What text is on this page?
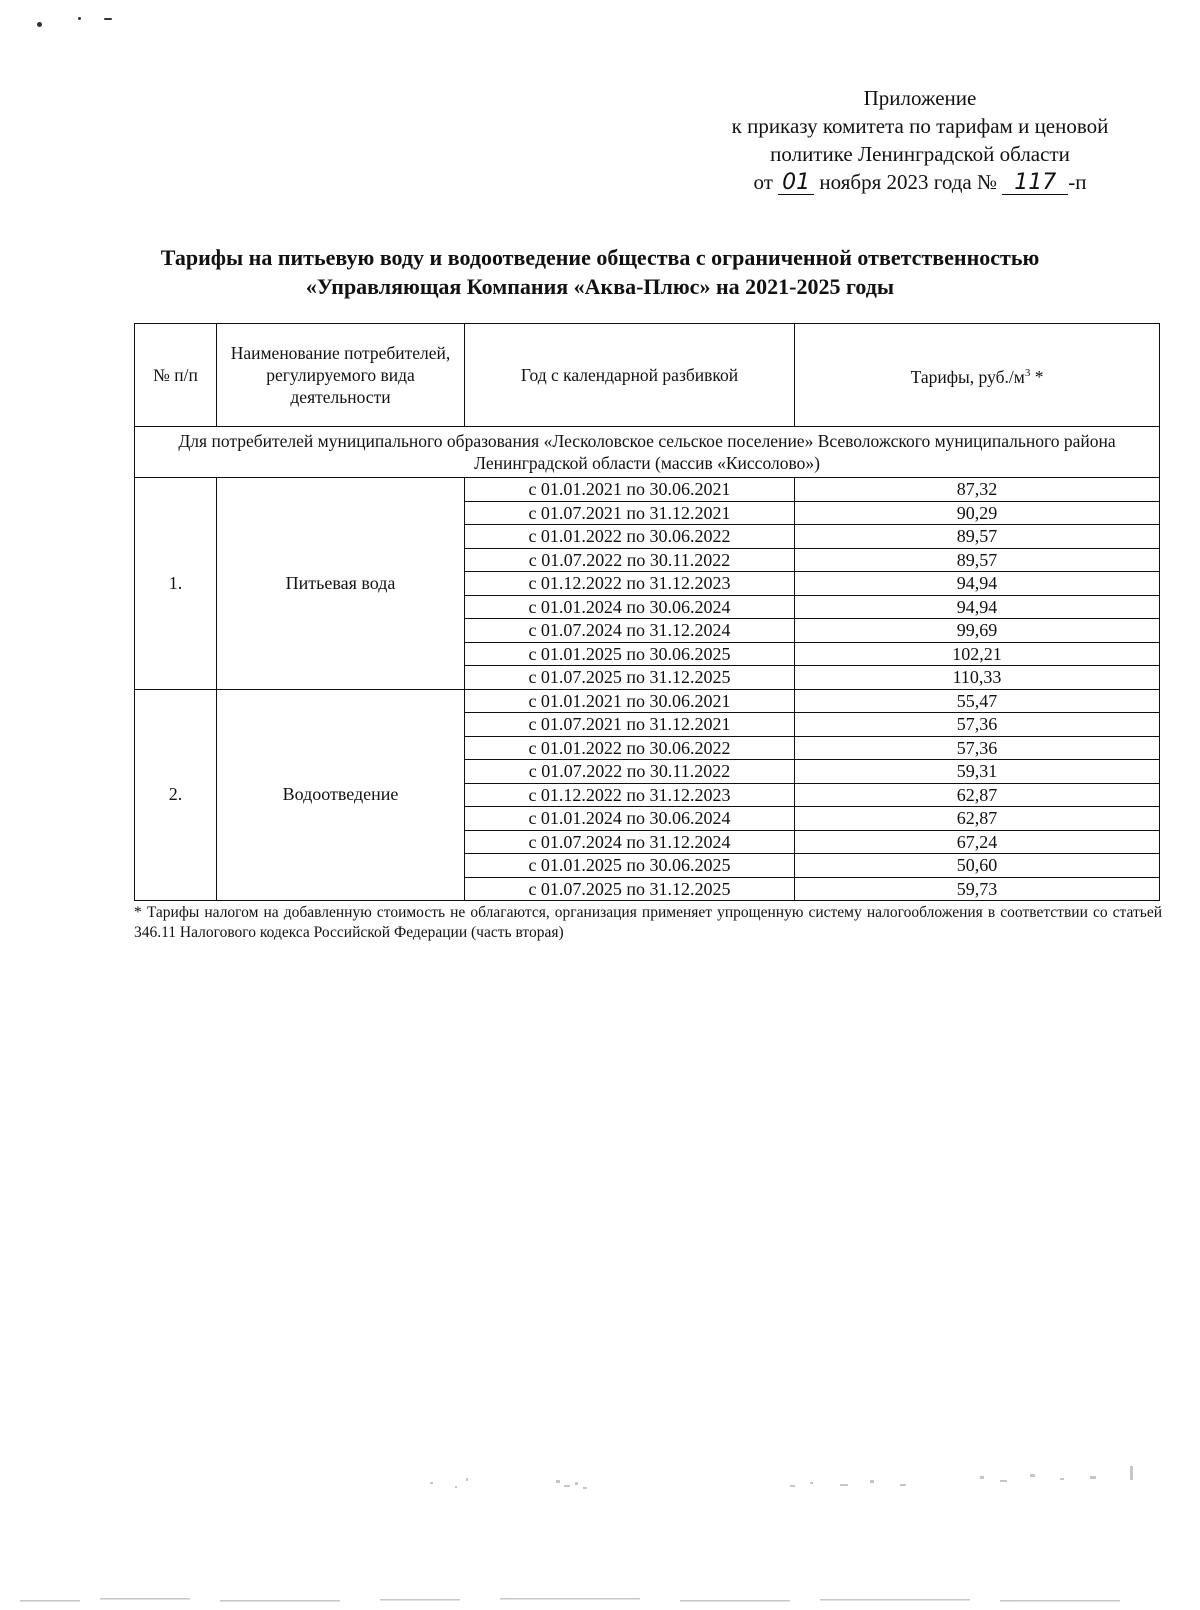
Приложение
к приказу комитета по тарифам и ценовой
политике Ленинградской области
от 01 ноября 2023 года № 117 -п
Тарифы на питьевую воду и водоотведение общества с ограниченной ответственностью
«Управляющая Компания «Аква-Плюс» на 2021-2025 годы
№ п/п	Наименование потребителей, регулируемого вида деятельности	Год с календарной разбивкой	Тарифы, $руб./м^3$ *
Для потребителей муниципального образования «Лесколовское сельское поселение» Всеволожского муниципального района Ленинградской области (массив «Киссолово»)			
1.	Питьевая вода	с 01.01.2021 по 30.06.2021	87,32
		с 01.07.2021 по 31.12.2021	90,29
		с 01.01.2022 по 30.06.2022	89,57
		с 01.07.2022 по 30.11.2022	89,57
		с 01.12.2022 по 31.12.2023	94,94
		с 01.01.2024 по 30.06.2024	94,94
		с 01.07.2024 по 31.12.2024	99,69
		с 01.01.2025 по 30.06.2025	102,21
		с 01.07.2025 по 31.12.2025	110,33
2.	Водоотведение	с 01.01.2021 по 30.06.2021	55,47
		с 01.07.2021 по 31.12.2021	57,36
		с 01.01.2022 по 30.06.2022	57,36
		с 01.07.2022 по 30.11.2022	59,31
		с 01.12.2022 по 31.12.2023	62,87
		с 01.01.2024 по 30.06.2024	62,87
		с 01.07.2024 по 31.12.2024	67,24
		с 01.01.2025 по 30.06.2025	50,60
		с 01.07.2025 по 31.12.2025	59,73
* Тарифы налогом на добавленную стоимость не облагаются, организация применяет упрощенную систему налогообложения в соответствии со статьей 346.11 Налогового кодекса Российской Федерации (часть вторая)
